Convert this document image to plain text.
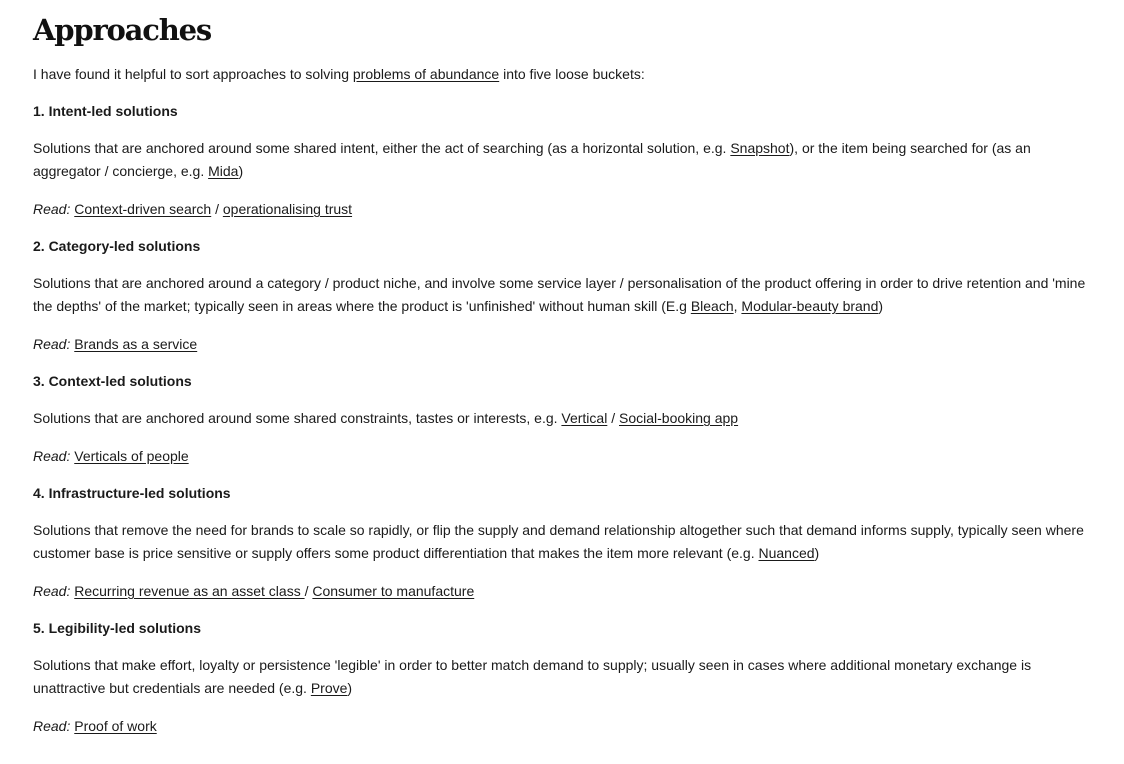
Approaches

I have found it helpful to sort approaches to solving problems of abundance into five loose buckets:

1. Intent-led solutions

Solutions that are anchored around some shared intent, either the act of searching (as a horizontal solution, e.g. Snapshot), or the item being searched for (as an aggregator / concierge, e.g. Mida)

Read: Context-driven search / operationalising trust

2. Category-led solutions

Solutions that are anchored around a category / product niche, and involve some service layer / personalisation of the product offering in order to drive retention and 'mine the depths' of the market; typically seen in areas where the product is 'unfinished' without human skill (E.g Bleach, Modular-beauty brand)

Read: Brands as a service

3. Context-led solutions

Solutions that are anchored around some shared constraints, tastes or interests, e.g. Vertical / Social-booking app

Read: Verticals of people

4. Infrastructure-led solutions

Solutions that remove the need for brands to scale so rapidly, or flip the supply and demand relationship altogether such that demand informs supply, typically seen where customer base is price sensitive or supply offers some product differentiation that makes the item more relevant (e.g. Nuanced)

Read: Recurring revenue as an asset class / Consumer to manufacture

5. Legibility-led solutions

Solutions that make effort, loyalty or persistence 'legible' in order to better match demand to supply; usually seen in cases where additional monetary exchange is unattractive but credentials are needed (e.g. Prove)

Read: Proof of work
